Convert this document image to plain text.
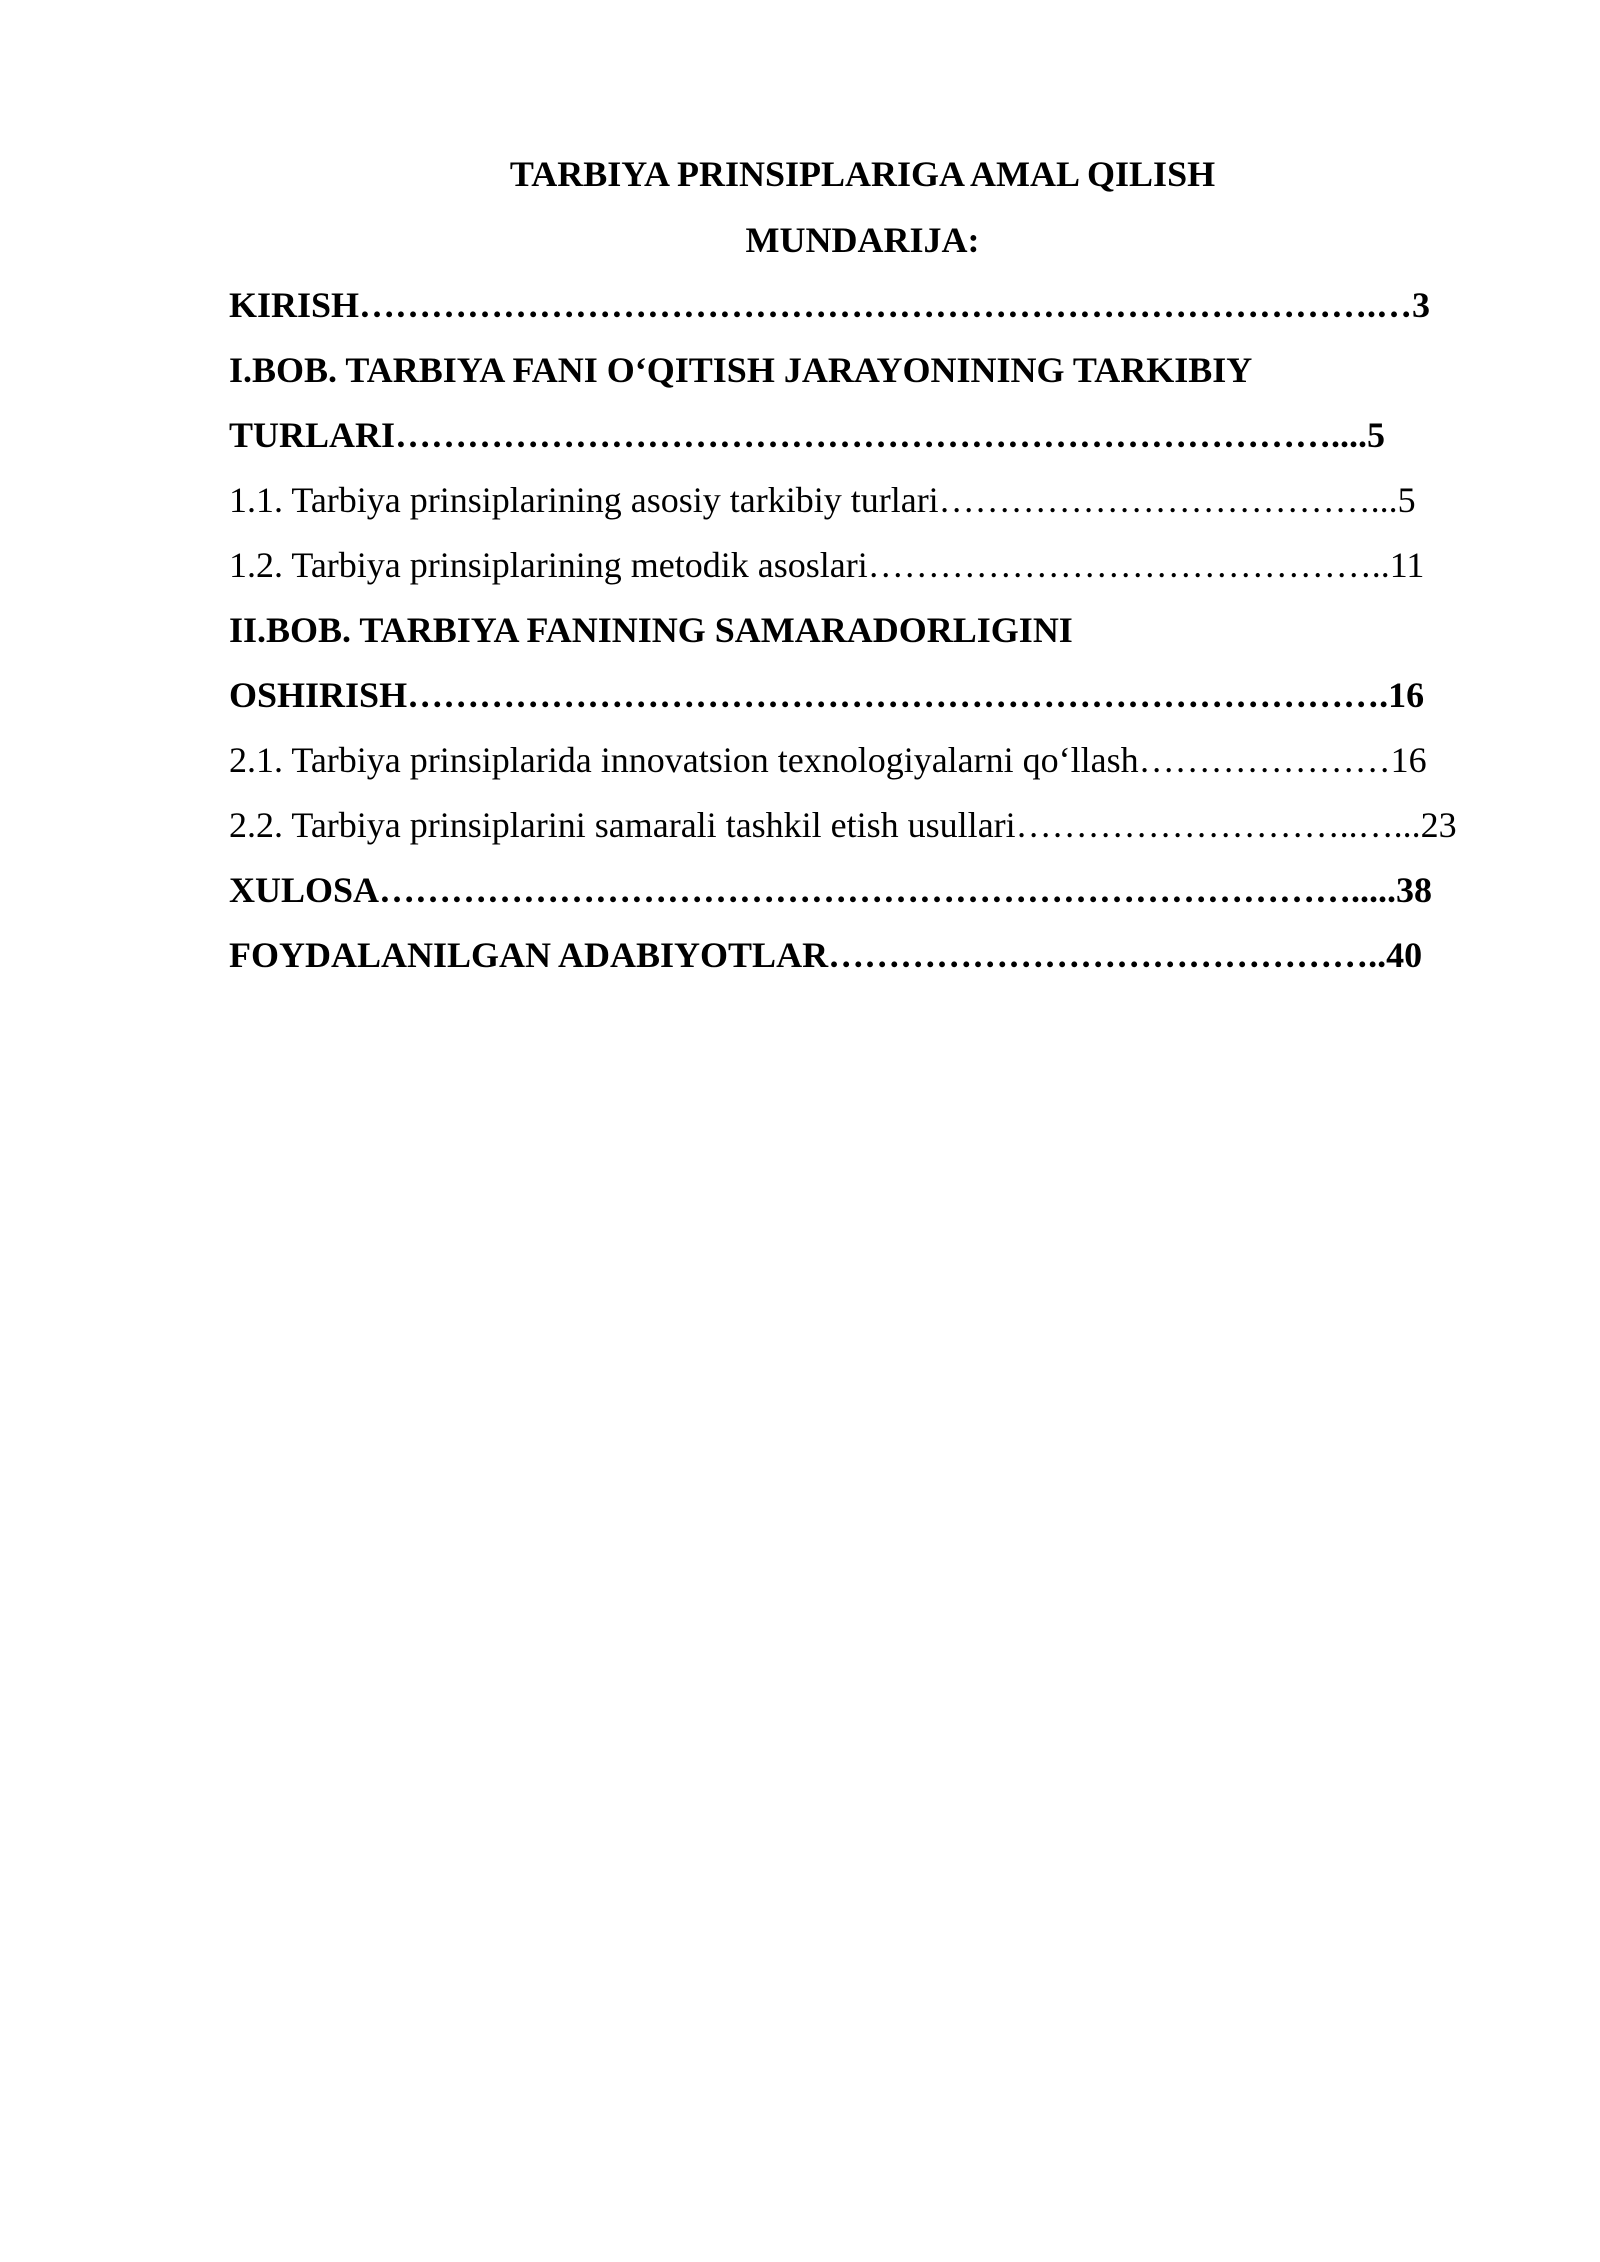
TARBIYA PRINSIPLARIGA AMAL QILISH
MUNDARIJA:
KIRISH………………………………………………………………………….…3
I.BOB. TARBIYA FANI O‘QITISH JARAYONINING TARKIBIY
TURLARI……………………………………………………………………....5
1.1. Tarbiya prinsiplarining asosiy tarkibiy turlari………………………………...5
1.2. Tarbiya prinsiplarining metodik asoslari……………………………………..11
II.BOB. TARBIYA FANINING SAMARADORLIGINI
OSHIRISH……………………………………………………………………….16
2.1. Tarbiya prinsiplarida innovatsion texnologiyalarni qo‘llash…………………16
2.2. Tarbiya prinsiplarini samarali tashkil etish usullari………………………..…...23
XULOSA……………………………………………………………………….....38
FOYDALANILGAN ADABIYOTLAR………………………………………..40
